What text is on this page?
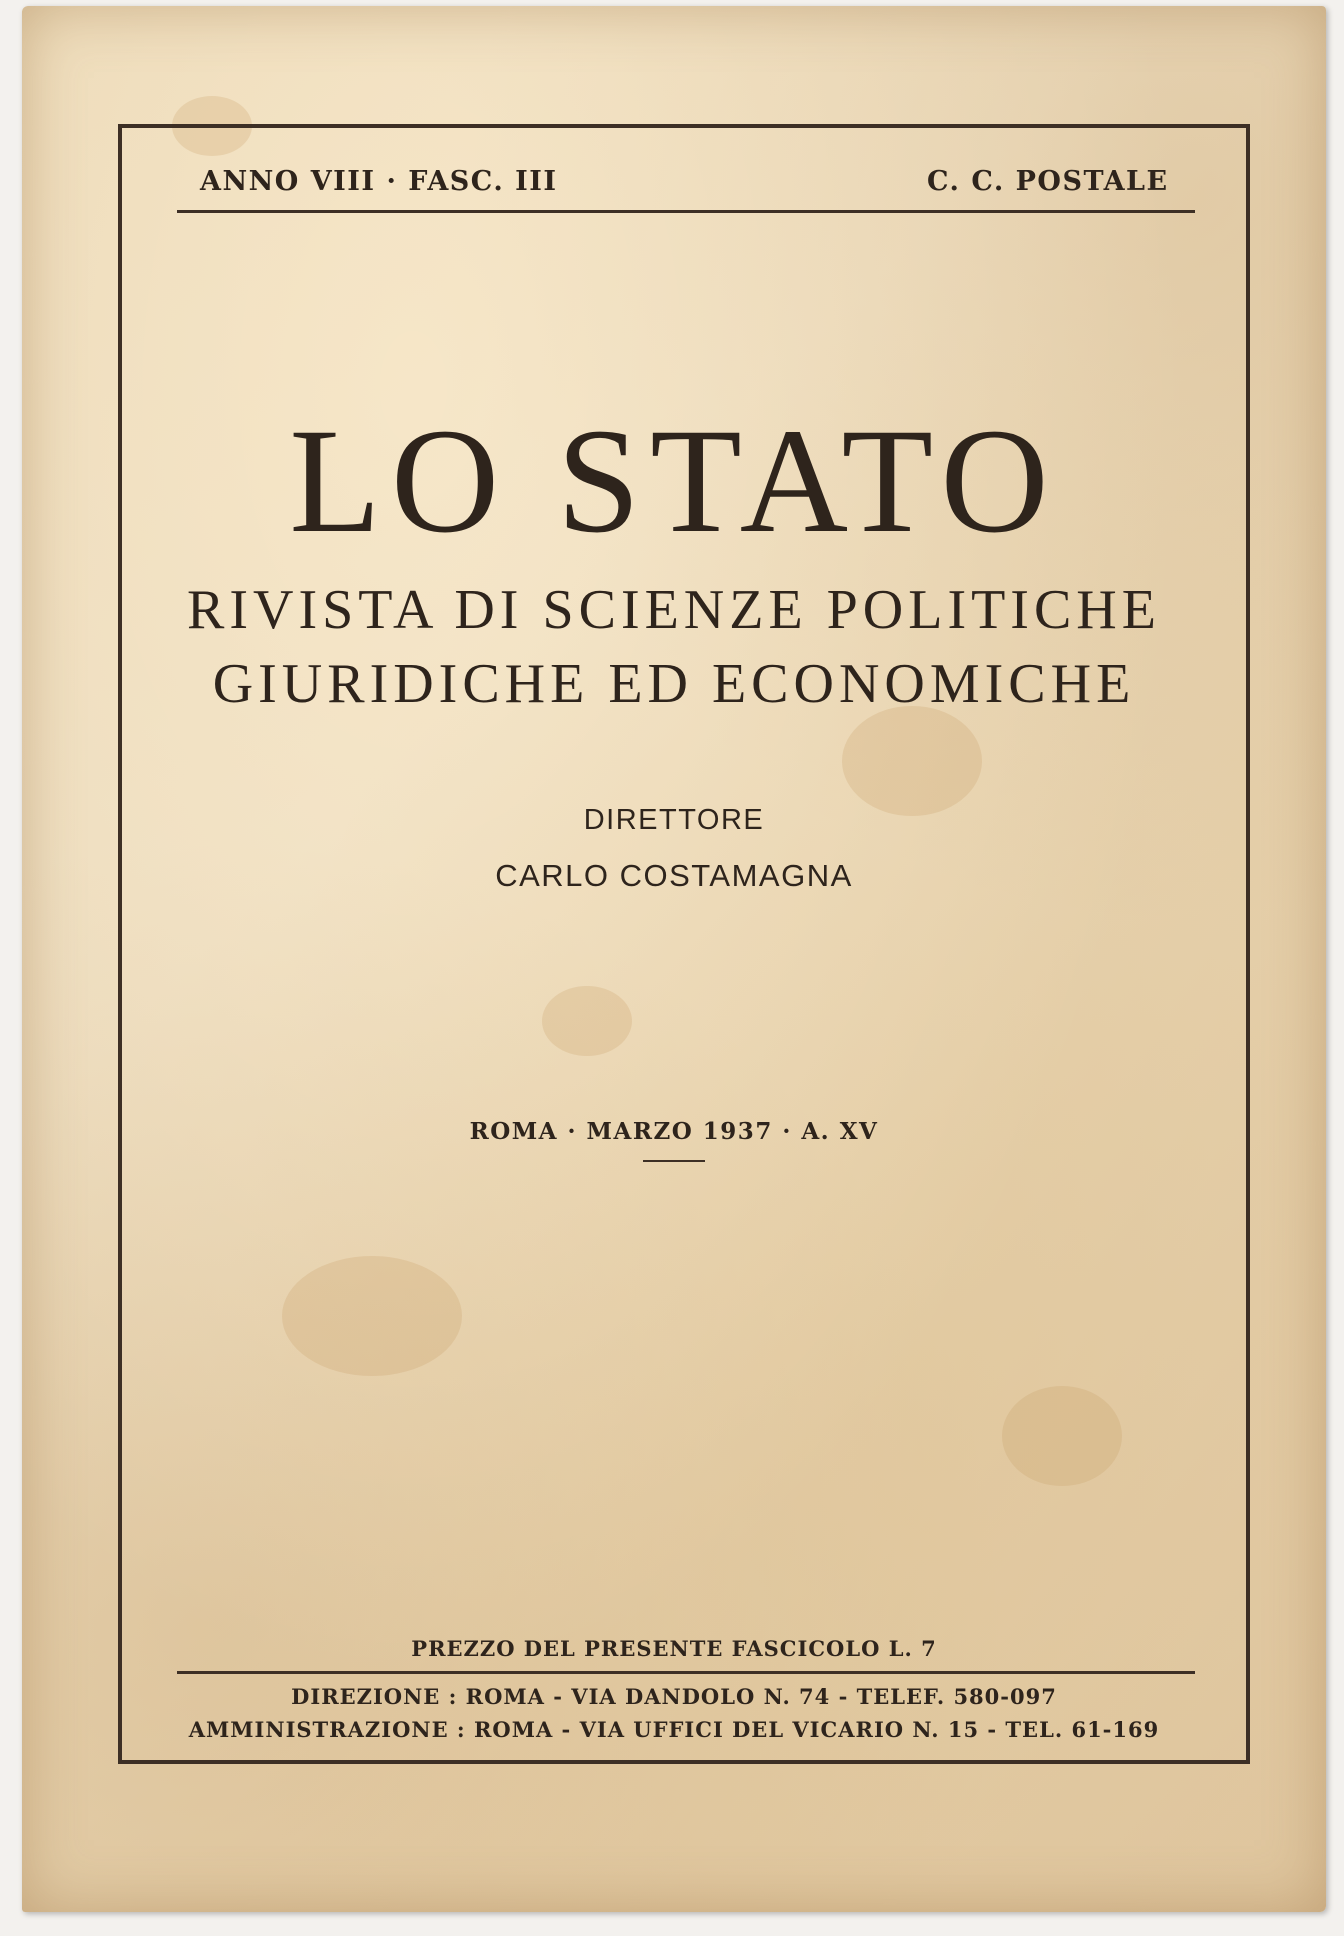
ANNO VIII · FASC. III	C. C. POSTALE
LO STATO
RIVISTA DI SCIENZE POLITICHE
GIURIDICHE ED ECONOMICHE
DIRETTORE
CARLO COSTAMAGNA
ROMA · MARZO 1937 · A. XV
PREZZO DEL PRESENTE FASCICOLO L. 7
DIREZIONE : ROMA - VIA DANDOLO N. 74 - TELEF. 580-097
AMMINISTRAZIONE : ROMA - VIA UFFICI DEL VICARIO N. 15 - TEL. 61-169
